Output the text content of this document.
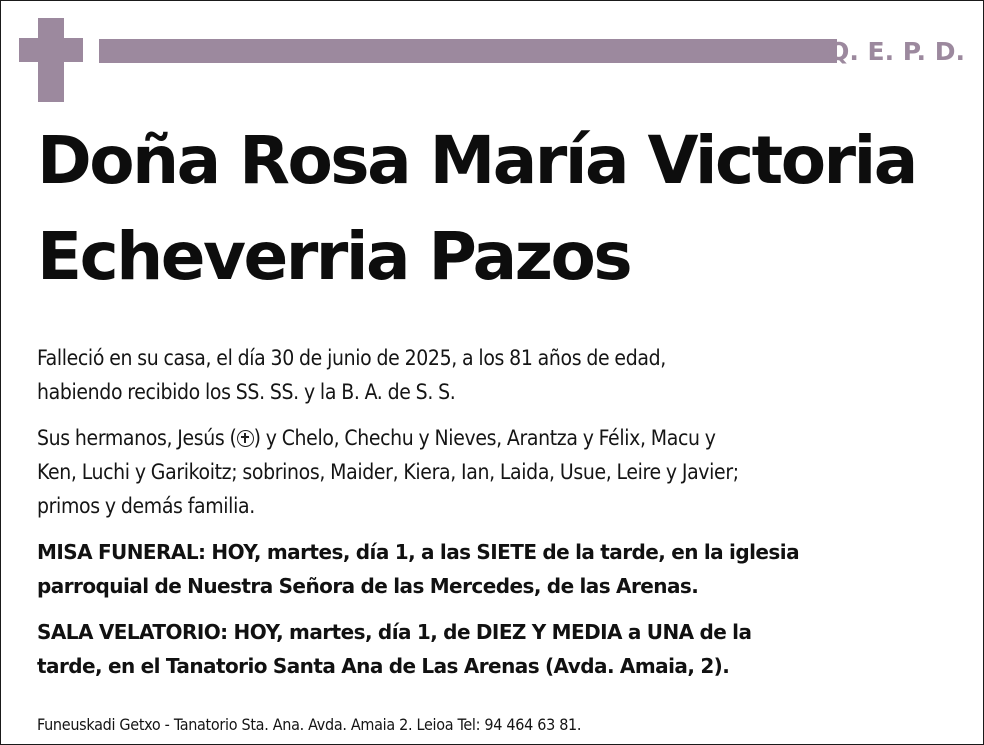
Q. E. P. D.
Doña Rosa María Victoria
Echeverria Pazos

Falleció en su casa, el día 30 de junio de 2025, a los 81 años de edad,
habiendo recibido los SS. SS. y la B. A. de S. S.

Sus hermanos, Jesús ( ) y Chelo, Chechu y Nieves, Arantza y Félix, Macu y
Ken, Luchi y Garikoitz; sobrinos, Maider, Kiera, Ian, Laida, Usue, Leire y Javier;
primos y demás familia.

MISA FUNERAL: HOY, martes, día 1, a las SIETE de la tarde, en la iglesia
parroquial de Nuestra Señora de las Mercedes, de las Arenas.

SALA VELATORIO: HOY, martes, día 1, de DIEZ Y MEDIA a UNA de la
tarde, en el Tanatorio Santa Ana de Las Arenas (Avda. Amaia, 2).

Funeuskadi Getxo - Tanatorio Sta. Ana. Avda. Amaia 2. Leioa Tel: 94 464 63 81.
